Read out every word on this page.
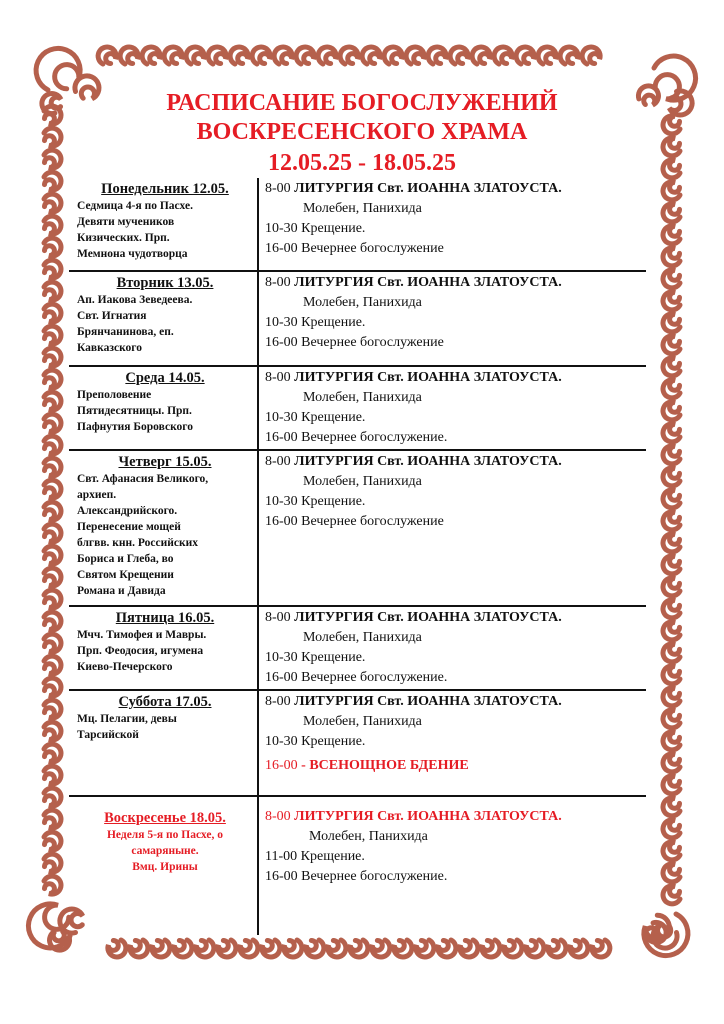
РАСПИСАНИЕ БОГОСЛУЖЕНИЙ
ВОСКРЕСЕНСКОГО ХРАМА
12.05.25 - 18.05.25
Понедельник 12.05.
Седмица 4-я по Пасхе.
Девяти мучеников
Кизических. Прп.
Мемнона чудотворца
8-00 ЛИТУРГИЯ Свт. ИОАННА ЗЛАТОУСТА.
Молебен, Панихида
10-30 Крещение.
16-00 Вечернее богослужение
Вторник 13.05.
Ап. Иакова Зеведеева.
Свт. Игнатия
Брянчанинова, еп.
Кавказского
8-00 ЛИТУРГИЯ Свт. ИОАННА ЗЛАТОУСТА.
Молебен, Панихида
10-30 Крещение.
16-00 Вечернее богослужение
Среда 14.05.
Преполовение
Пятидесятницы. Прп.
Пафнутия Боровского
8-00 ЛИТУРГИЯ Свт. ИОАННА ЗЛАТОУСТА.
Молебен, Панихида
10-30 Крещение.
16-00 Вечернее богослужение.
Четверг 15.05.
Свт. Афанасия Великого,
архиеп.
Александрийского.
Перенесение мощей
блгвв. кнн. Российских
Бориса и Глеба, во
Святом Крещении
Романа и Давида
8-00 ЛИТУРГИЯ Свт. ИОАННА ЗЛАТОУСТА.
Молебен, Панихида
10-30 Крещение.
16-00 Вечернее богослужение
Пятница 16.05.
Мчч. Тимофея и Мавры.
Прп. Феодосия, игумена
Киево-Печерского
8-00 ЛИТУРГИЯ Свт. ИОАННА ЗЛАТОУСТА.
Молебен, Панихида
10-30 Крещение.
16-00 Вечернее богослужение.
Суббота 17.05.
Мц. Пелагии, девы
Тарсийской
8-00 ЛИТУРГИЯ Свт. ИОАННА ЗЛАТОУСТА.
Молебен, Панихида
10-30 Крещение.
16-00 - ВСЕНОЩНОЕ БДЕНИЕ
Воскресенье 18.05.
Неделя 5-я по Пасхе, о
самаряныне.
Вмц. Ирины
8-00 ЛИТУРГИЯ Свт. ИОАННА ЗЛАТОУСТА.
Молебен, Панихида
11-00 Крещение.
16-00 Вечернее богослужение.
